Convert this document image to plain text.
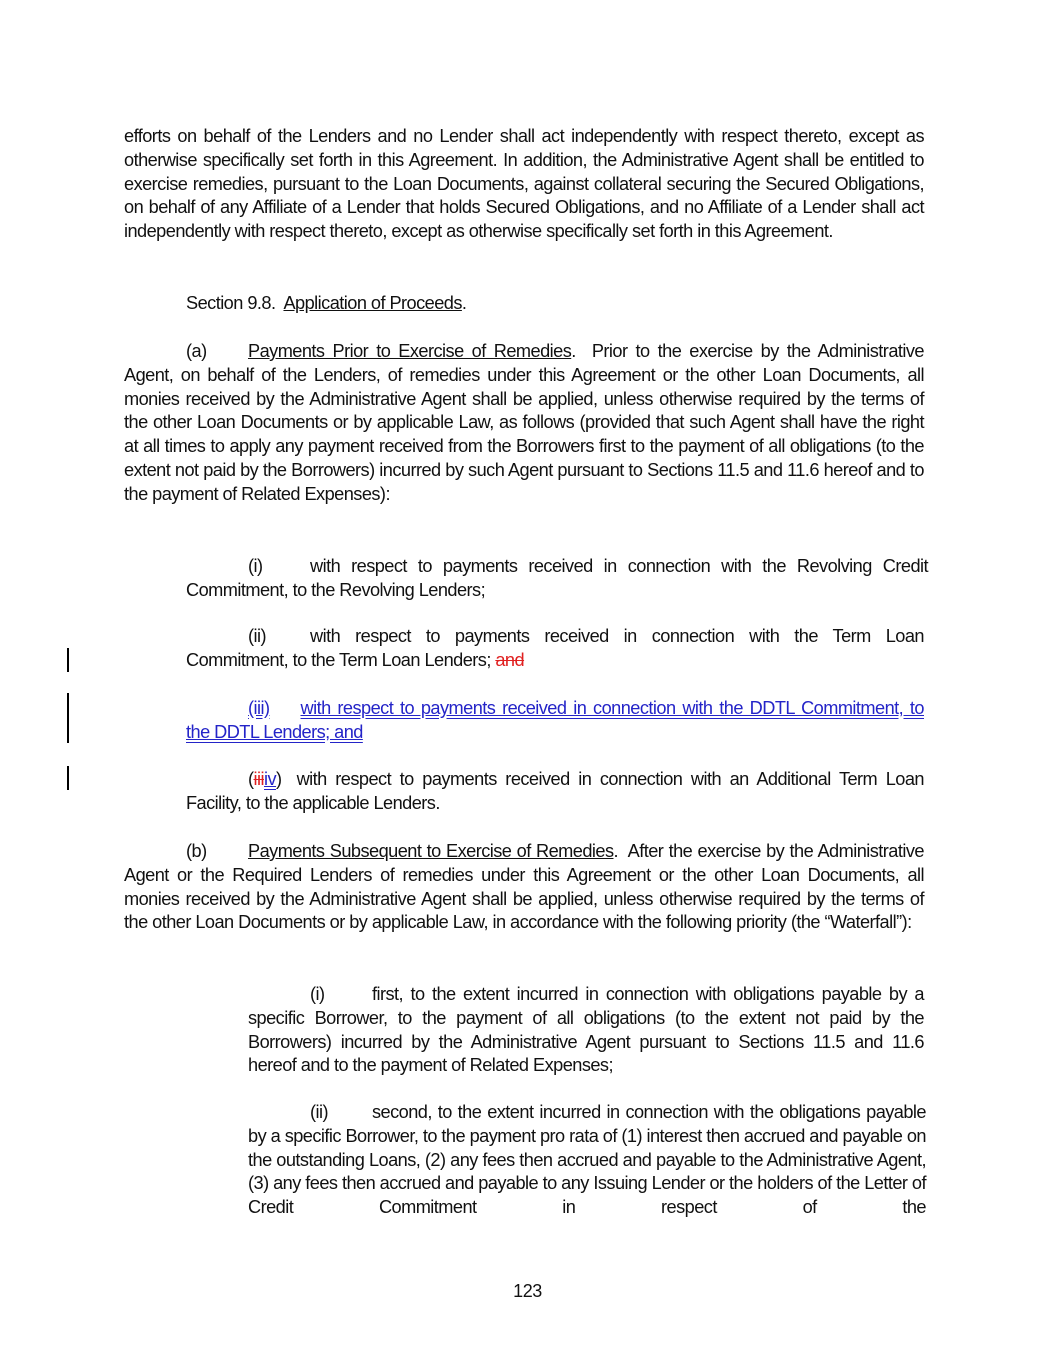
efforts on behalf of the Lenders and no Lender shall act independently with respect thereto, except as otherwise specifically set forth in this Agreement. In addition, the Administrative Agent shall be entitled to exercise remedies, pursuant to the Loan Documents, against collateral securing the Secured Obligations, on behalf of any Affiliate of a Lender that holds Secured Obligations, and no Affiliate of a Lender shall act independently with respect thereto, except as otherwise specifically set forth in this Agreement.
Section 9.8. Application of Proceeds.
(a) Payments Prior to Exercise of Remedies. Prior to the exercise by the Administrative Agent, on behalf of the Lenders, of remedies under this Agreement or the other Loan Documents, all monies received by the Administrative Agent shall be applied, unless otherwise required by the terms of the other Loan Documents or by applicable Law, as follows (provided that such Agent shall have the right at all times to apply any payment received from the Borrowers first to the payment of all obligations (to the extent not paid by the Borrowers) incurred by such Agent pursuant to Sections 11.5 and 11.6 hereof and to the payment of Related Expenses):
(i)	with respect to payments received in connection with the Revolving Credit Commitment, to the Revolving Lenders;
(ii) with respect to payments received in connection with the Term Loan Commitment, to the Term Loan Lenders; and
(iii) with respect to payments received in connection with the DDTL Commitment, to the DDTL Lenders; and
(iiiiv) with respect to payments received in connection with an Additional Term Loan Facility, to the applicable Lenders.
(b) Payments Subsequent to Exercise of Remedies. After the exercise by the Administrative Agent or the Required Lenders of remedies under this Agreement or the other Loan Documents, all monies received by the Administrative Agent shall be applied, unless otherwise required by the terms of the other Loan Documents or by applicable Law, in accordance with the following priority (the “Waterfall”):
(i)	first, to the extent incurred in connection with obligations payable by a specific Borrower, to the payment of all obligations (to the extent not paid by the Borrowers) incurred by the Administrative Agent pursuant to Sections 11.5 and 11.6 hereof and to the payment of Related Expenses;
(ii) second, to the extent incurred in connection with the obligations payable by a specific Borrower, to the payment pro rata of (1) interest then accrued and payable on the outstanding Loans, (2) any fees then accrued and payable to the Administrative Agent, (3) any fees then accrued and payable to any Issuing Lender or the holders of the Letter of Credit Commitment in respect of the
123
